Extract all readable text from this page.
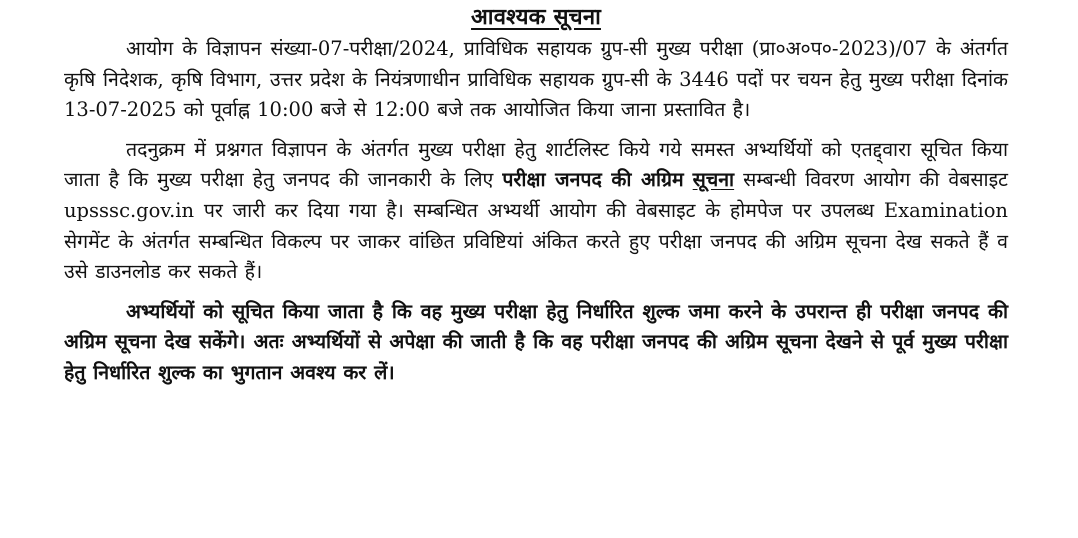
आवश्यक सूचना

आयोग के विज्ञापन संख्या-07-परीक्षा/2024, प्राविधिक सहायक ग्रुप-सी मुख्य परीक्षा (प्रा०अ०प०-2023)/07 के अंतर्गत कृषि निदेशक, कृषि विभाग, उत्तर प्रदेश के नियंत्रणाधीन प्राविधिक सहायक ग्रुप-सी के 3446 पदों पर चयन हेतु मुख्य परीक्षा दिनांक 13-07-2025 को पूर्वाह्न 10:00 बजे से 12:00 बजे तक आयोजित किया जाना प्रस्तावित है।

तदनुक्रम में प्रश्नगत विज्ञापन के अंतर्गत मुख्य परीक्षा हेतु शार्टलिस्ट किये गये समस्त अभ्यर्थियों को एतद्द्वारा सूचित किया जाता है कि मुख्य परीक्षा हेतु जनपद की जानकारी के लिए परीक्षा जनपद की अग्रिम सूचना सम्बन्धी विवरण आयोग की वेबसाइट upsssc.gov.in पर जारी कर दिया गया है। सम्बन्धित अभ्यर्थी आयोग की वेबसाइट के होमपेज पर उपलब्ध Examination सेगमेंट के अंतर्गत सम्बन्धित विकल्प पर जाकर वांछित प्रविष्टियां अंकित करते हुए परीक्षा जनपद की अग्रिम सूचना देख सकते हैं व उसे डाउनलोड कर सकते हैं।

अभ्यर्थियों को सूचित किया जाता है कि वह मुख्य परीक्षा हेतु निर्धारित शुल्क जमा करने के उपरान्त ही परीक्षा जनपद की अग्रिम सूचना देख सकेंगे। अतः अभ्यर्थियों से अपेक्षा की जाती है कि वह परीक्षा जनपद की अग्रिम सूचना देखने से पूर्व मुख्य परीक्षा हेतु निर्धारित शुल्क का भुगतान अवश्य कर लें।
